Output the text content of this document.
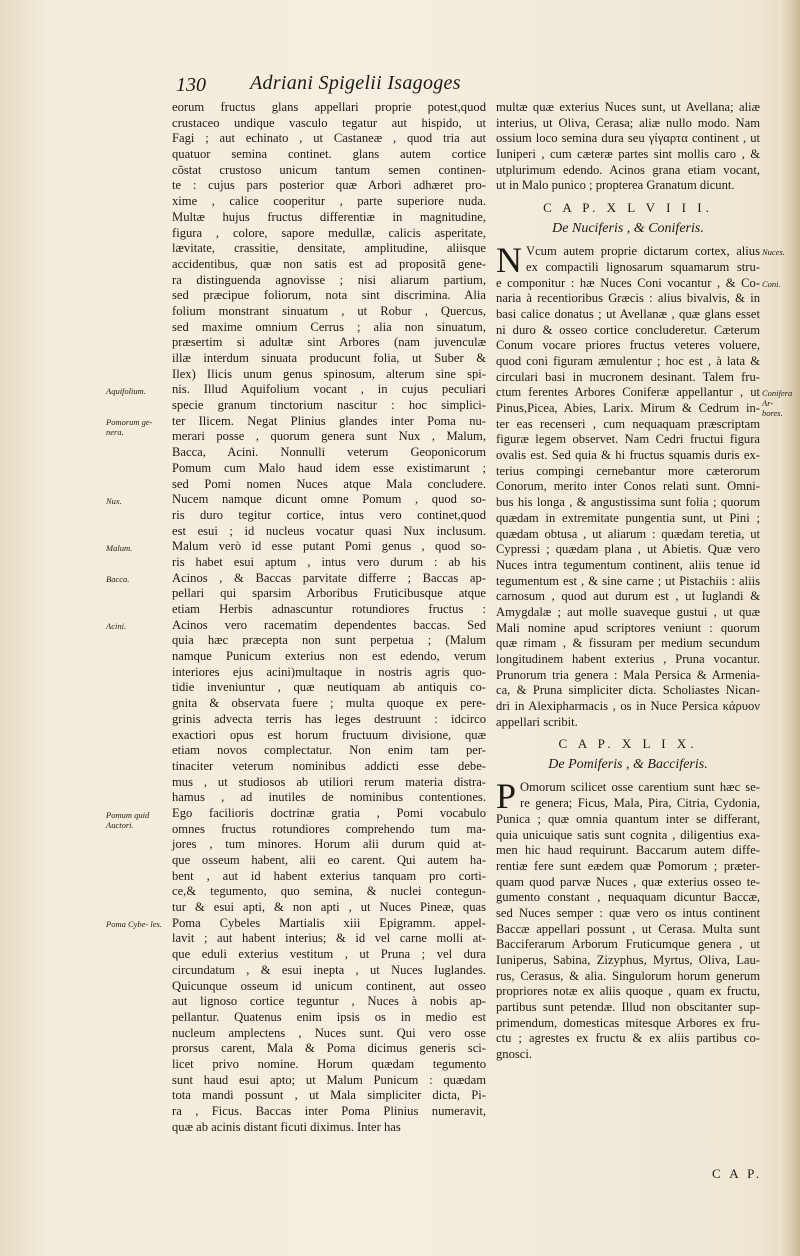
130 Adriani Spigelii Isagoges
eorum fructus glans appellari proprie potest,quod
crustaceo undique vasculo tegatur aut hispido, ut
Fagi ; aut echinato , ut Castaneæ , quod tria aut
quatuor semina continet. glans autem cortice
cõstat crustoso unicum tantum semen continen-
te : cujus pars posterior quæ Arbori adhæret pro-
xime , calice cooperitur , parte superiore nuda.
Multæ hujus fructus differentiæ in magnitudine,
figura , colore, sapore medullæ, calicis asperitate,
lævitate, crassitie, densitate, amplitudine, aliisque
accidentibus, quæ non satis est ad propositã gene-
ra distinguenda agnovisse ; nisi aliarum partium,
sed præcipue foliorum, nota sint discrimina. Alia
folium monstrant sinuatum , ut Robur , Quercus,
sed maxime omnium Cerrus ; alia non sinuatum,
præsertim si adultæ sint Arbores (nam juvenculæ
illæ interdum sinuata producunt folia, ut Suber &
Ilex) Ilicis unum genus spinosum, alterum sine spi-
nis. Illud Aquifolium vocant , in cujus peculiari
specie granum tinctorium nascitur : hoc simplici-
ter Ilicem. Negat Plinius glandes inter Poma nu-
merari posse , quorum genera sunt Nux , Malum,
Bacca, Acini. Nonnulli veterum Geoponicorum
Pomum cum Malo haud idem esse existimarunt ;
sed Pomi nomen Nuces atque Mala concludere.
Nucem namque dicunt omne Pomum , quod so-
ris duro tegitur cortice, intus vero continet,quod
est esui ; id nucleus vocatur quasi Nux inclusum.
Malum verò id esse putant Pomi genus , quod so-
ris habet esui aptum , intus vero durum : ab his
Acinos , & Baccas parvitate differre ; Baccas ap-
pellari qui sparsim Arboribus Fruticibusque atque
etiam Herbis adnascuntur rotundiores fructus :
Acinos vero racematim dependentes baccas. Sed
quia hæc præcepta non sunt perpetua ; (Malum
namque Punicum exterius non est edendo, verum
interiores ejus acini)multaque in nostris agris quo-
tidie inveniuntur , quæ neutiquam ab antiquis co-
gnita & observata fuere ; multa quoque ex pere-
grinis advecta terris has leges destruunt : idcirco
exactiori opus est horum fructuum divisione, quæ
etiam novos complectatur. Non enim tam per-
tinaciter veterum nominibus addicti esse debe-
mus , ut studiosos ab utiliori rerum materia distra-
hamus , ad inutiles de nominibus contentiones.
Ego facilioris doctrinæ gratia , Pomi vocabulo
omnes fructus rotundiores comprehendo tum ma-
jores , tum minores. Horum alii durum quid at-
que osseum habent, alii eo carent. Qui autem ha-
bent , aut id habent exterius tanquam pro corti-
ce,& tegumento, quo semina, & nuclei contegun-
tur & esui apti, & non apti , ut Nuces Pineæ, quas
Poma Cybeles Martialis xiii Epigramm. appel-
lavit ; aut habent interius; & id vel carne molli at-
que eduli exterius vestitum , ut Pruna ; vel dura
circundatum , & esui inepta , ut Nuces Iuglandes.
Quicunque osseum id unicum continent, aut osseo
aut lignoso cortice teguntur , Nuces à nobis ap-
pellantur. Quatenus enim ipsis os in medio est
nucleum amplectens , Nuces sunt. Qui vero osse
prorsus carent, Mala & Poma dicimus generis sci-
licet privo nomine. Horum quædam tegumento
sunt haud esui apto; ut Malum Punicum : quædam
tota mandi possunt , ut Mala simpliciter dicta, Pi-
ra , Ficus. Baccas inter Poma Plinius numeravit,
quæ ab acinis distant ficuti diximus. Inter has
multæ quæ exterius Nuces sunt, ut Avellana; aliæ
interius, ut Oliva, Cerasa; aliæ nullo modo. Nam
ossium loco semina dura seu γίγαρτα continent , ut
Iuniperi , cum cæteræ partes sint mollis caro , &
utplurimum edendo. Acinos grana etiam vocant,
ut in Malo punico ; propterea Granatum dicunt.
C A P. X L V I I I.
De Nuciferis , & Coniferis.
N Vcum autem proprie dictarum cortex, alius
ex compactili lignosarum squamarum stru-
e componitur : hæ Nuces Coni vocantur , & Co-
naria à recentioribus Græcis : alius bivalvis, & in
basi calice donatus ; ut Avellanæ , quæ glans esset
ni duro & osseo cortice concluderetur. Cæterum
Conum vocare priores fructus veteres voluere,
quod coni figuram æmulentur ; hoc est , à lata &
circulari basi in mucronem desinant. Talem fru-
ctum ferentes Arbores Coniferæ appellantur , ut
Pinus,Picea, Abies, Larix. Mirum & Cedrum in-
ter eas recenseri , cum nequaquam præscriptam
figuræ legem observet. Nam Cedri fructui figura
ovalis est. Sed quia & hi fructus squamis duris ex-
terius compingi cernebantur more cæterorum
Conorum, merito inter Conos relati sunt. Omni-
bus his longa , & angustissima sunt folia ; quorum
quædam in extremitate pungentia sunt, ut Pini ;
quædam obtusa , ut aliarum : quædam teretia, ut
Cypressi ; quædam plana , ut Abietis. Quæ vero
Nuces intra tegumentum continent, aliis tenue id
tegumentum est , & sine carne ; ut Pistachiis : aliis
carnosum , quod aut durum est , ut Iuglandi &
Amygdalæ ; aut molle suaveque gustui , ut quæ
Mali nomine apud scriptores veniunt : quorum
quæ rimam , & fissuram per medium secundum
longitudinem habent exterius , Pruna vocantur.
Prunorum tria genera : Mala Persica & Armenia-
ca, & Pruna simpliciter dicta. Scholiastes Nican-
dri in Alexipharmacis , os in Nuce Persica κάρυον
appellari scribit.
C A P. X L I X.
De Pomiferis , & Bacciferis.
P Omorum scilicet osse carentium sunt hæc se-
re genera; Ficus, Mala, Pira, Citria, Cydonia,
Punica ; quæ omnia quantum inter se differant,
quia unicuique satis sunt cognita , diligentius exa-
men hic haud requirunt. Baccarum autem diffe-
rentiæ fere sunt eædem quæ Pomorum ; præter-
quam quod parvæ Nuces , quæ exterius osseo te-
gumento constant , nequaquam dicuntur Baccæ,
sed Nuces semper : quæ vero os intus continent
Baccæ appellari possunt , ut Cerasa. Multa sunt
Bacciferarum Arborum Fruticumque genera , ut
Iuniperus, Sabina, Zizyphus, Myrtus, Oliva, Lau-
rus, Cerasus, & alia. Singulorum horum generum
propriores notæ ex aliis quoque , quam ex fructu,
partibus sunt petendæ. Illud non obscitanter sup-
primendum, domesticas mitesque Arbores ex fru-
ctu ; agrestes ex fructu & ex aliis partibus co-
gnosci.
Aquifolium.
Pomorum ge- nera.
Nux.
Malum.
Bacca.
Acini.
Pomum quid Auctori.
Poma Cybe- les.
Nuces.
Coni.
Conifera Ar- bores.
C A P.
